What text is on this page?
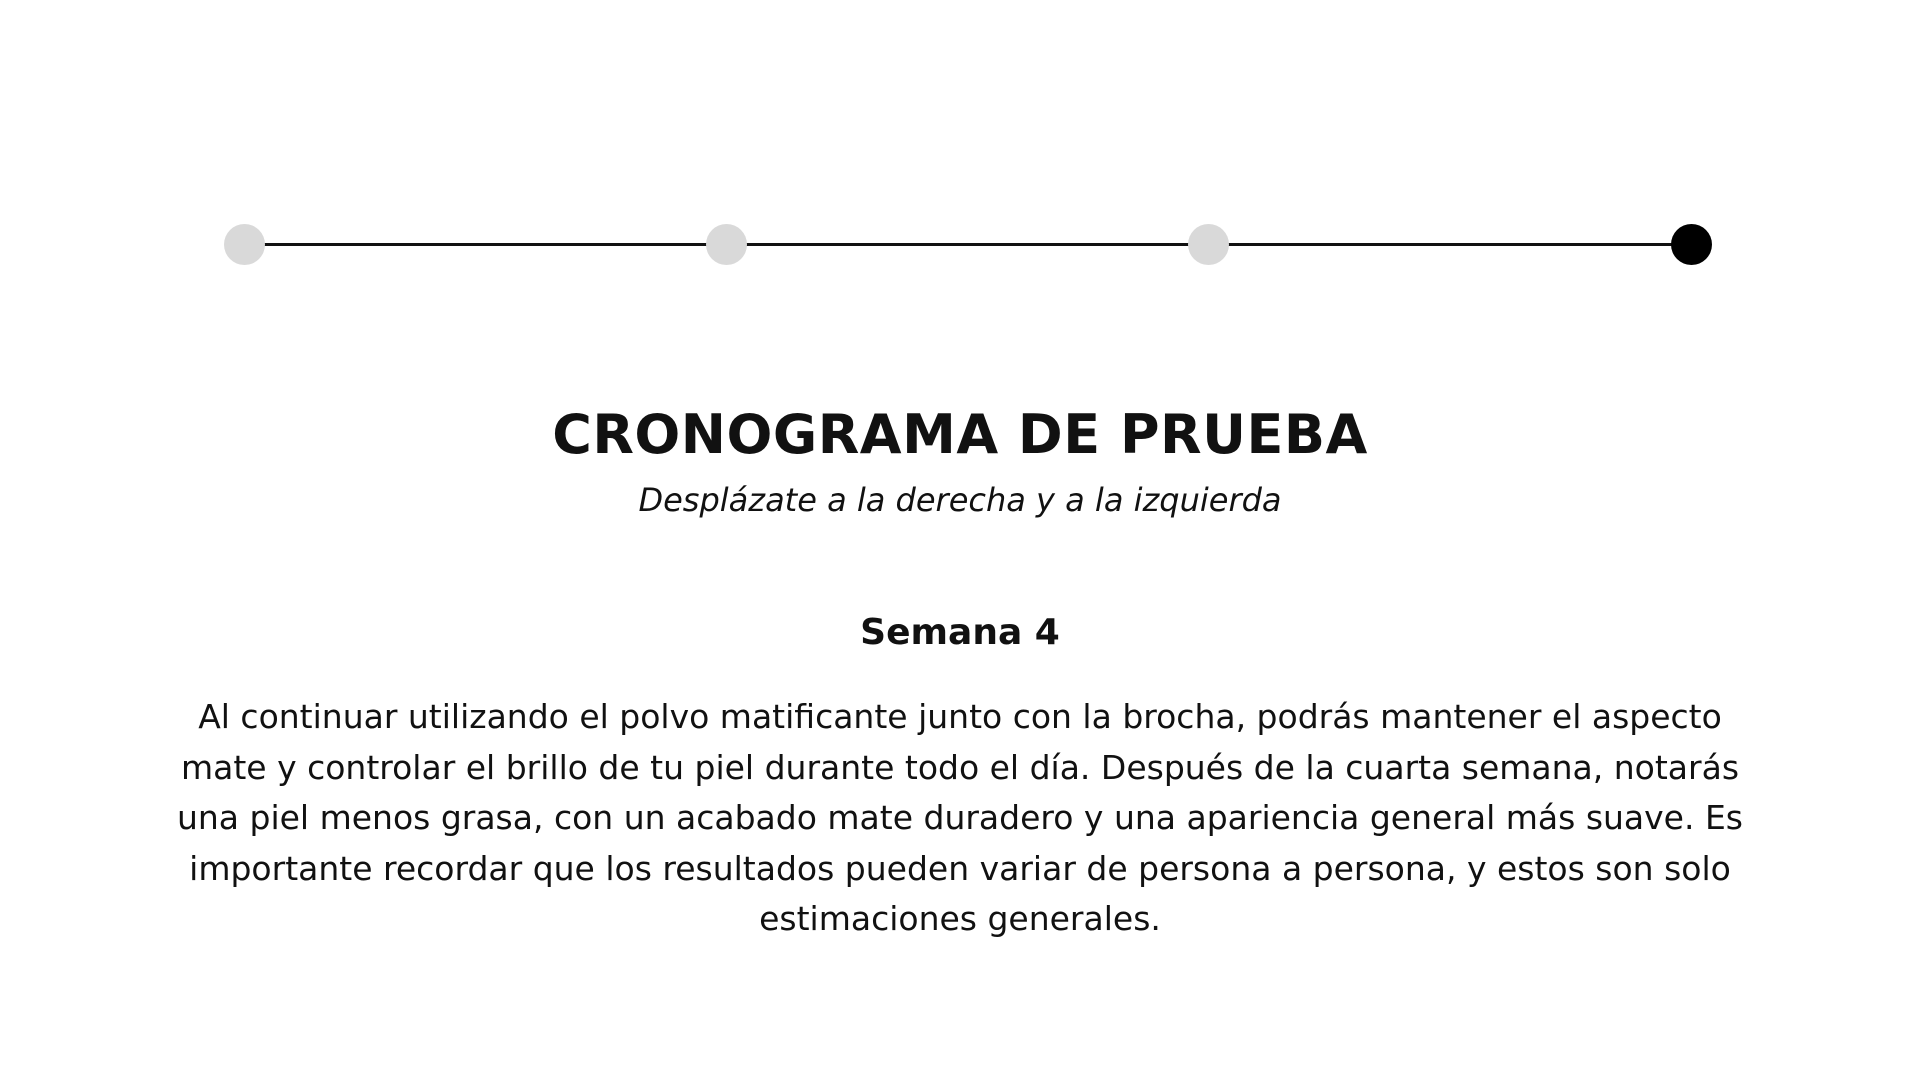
CRONOGRAMA DE PRUEBA

Desplázate a la derecha y a la izquierda

Semana 4

Al continuar utilizando el polvo matificante junto con la brocha, podrás mantener el aspecto mate y controlar el brillo de tu piel durante todo el día. Después de la cuarta semana, notarás una piel menos grasa, con un acabado mate duradero y una apariencia general más suave. Es importante recordar que los resultados pueden variar de persona a persona, y estos son solo estimaciones generales.
